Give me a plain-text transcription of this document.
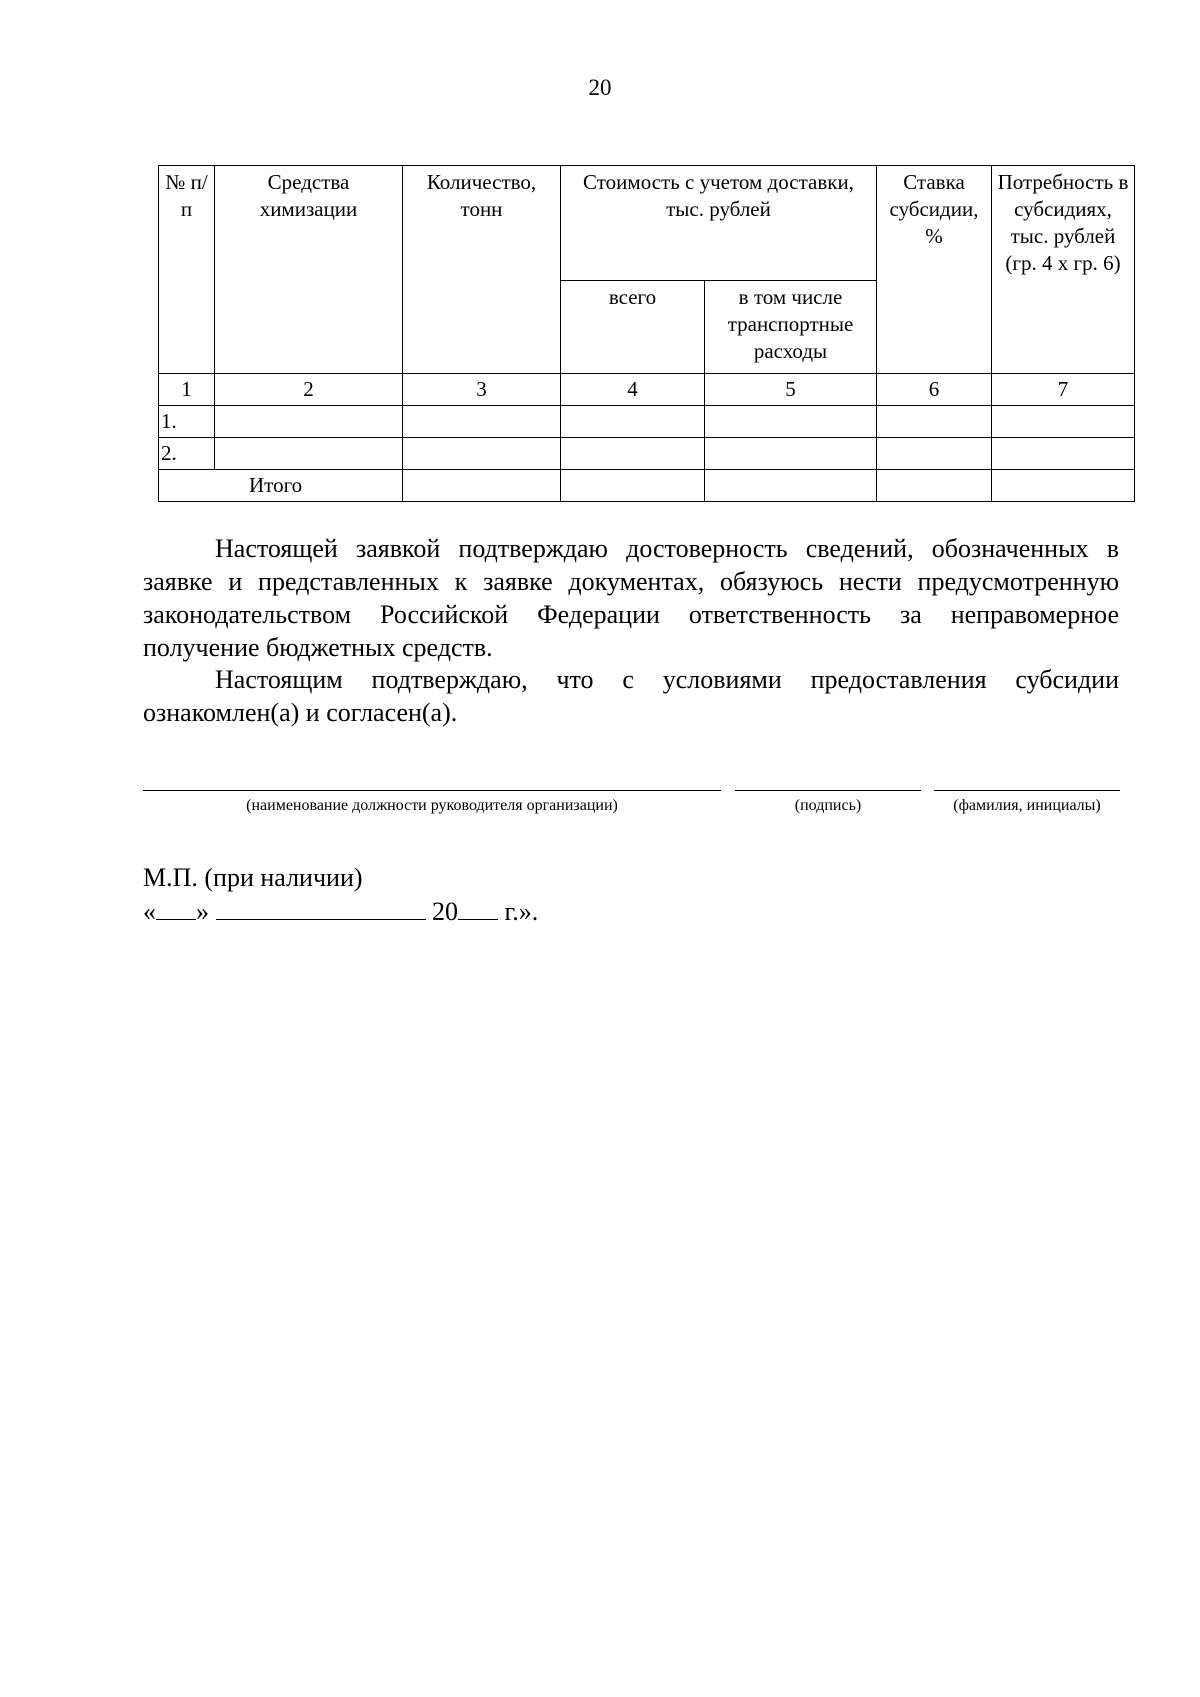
20
№ п/п	Средства химизации	Количество, тонн	Стоимость с учетом доставки, тыс. рублей		Ставка субсидии, %	Потребность в субсидиях, тыс. рублей (гр. 4 х гр. 6)
			всего	в том числе транспортные расходы		
1	2	3	4	5	6	7
1.						
2.						
Итого						

Настоящей заявкой подтверждаю достоверность сведений, обозначенных в заявке и представленных к заявке документах, обязуюсь нести предусмотренную законодательством Российской Федерации ответственность за неправомерное получение бюджетных средств.

Настоящим подтверждаю, что с условиями предоставления субсидии ознакомлен(а) и согласен(а).

(наименование должности руководителя организации)	(подпись)	(фамилия, инициалы)

М.П. (при наличии)

« »	20 г.».
